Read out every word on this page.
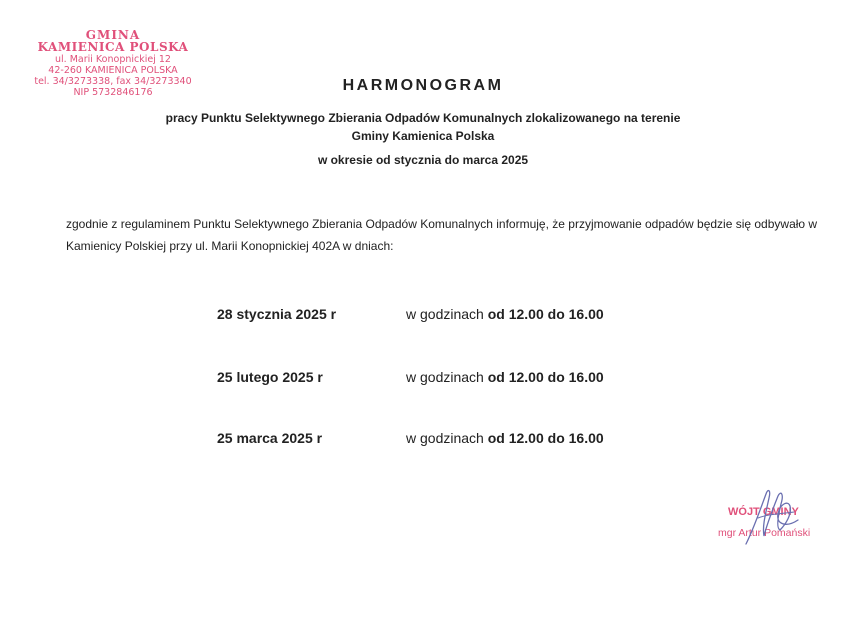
GMINA
KAMIENICA POLSKA
ul. Marii Konopnickiej 12
42-260 KAMIENICA POLSKA
tel. 34/3273338, fax 34/3273340
NIP 5732846176	HARMONOGRAM
pracy Punktu Selektywnego Zbierania Odpadów Komunalnych zlokalizowanego na terenie
Gminy Kamienica Polska
w okresie od stycznia do marca 2025
zgodnie z regulaminem Punktu Selektywnego Zbierania Odpadów Komunalnych informuję, że przyjmowanie odpadów będzie się odbywało w Kamienicy Polskiej przy ul. Marii Konopnickiej 402A w dniach:
28 stycznia 2025 r	w godzinach od 12.00 do 16.00
25 lutego 2025 r	w godzinach od 12.00 do 16.00
25 marca 2025 r	w godzinach od 12.00 do 16.00
WÓJT GMINY
mgr Artur Pomański
